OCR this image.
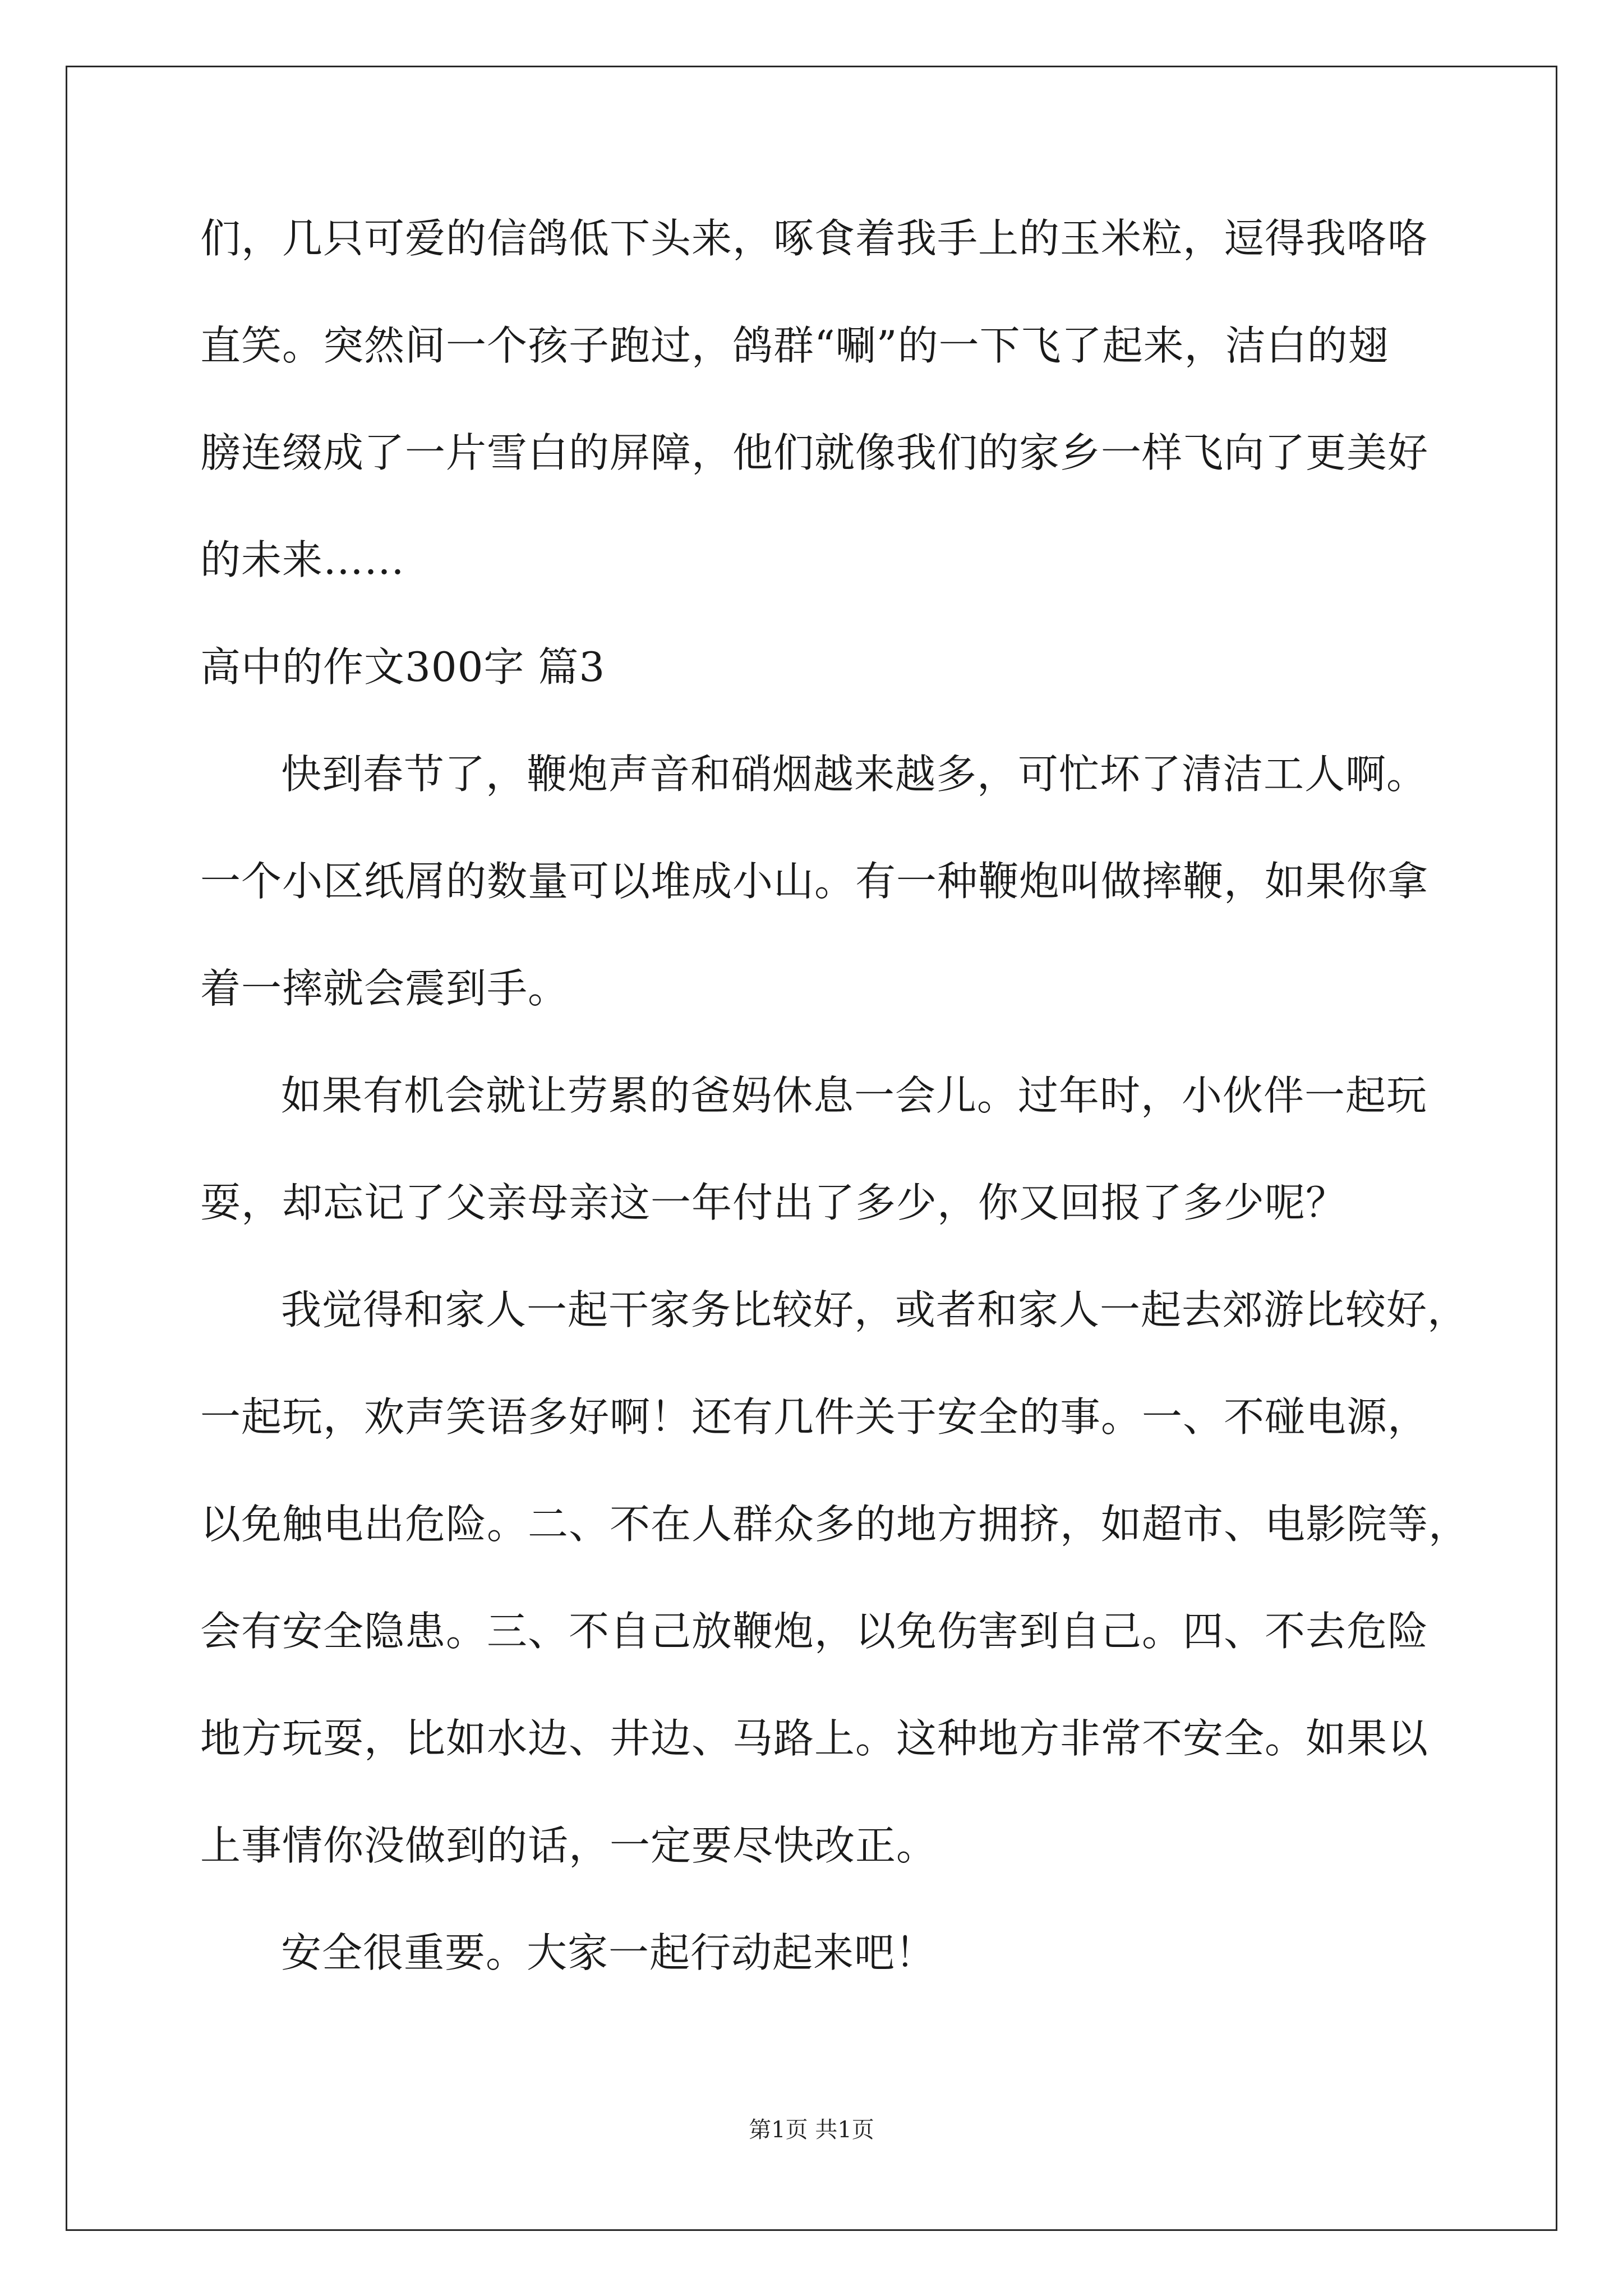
们，几只可爱的信鸽低下头来，啄食着我手上的玉米粒，逗得我咯咯
直笑。突然间一个孩子跑过，鸽群“唰”的一下飞了起来，洁白的翅
膀连缀成了一片雪白的屏障，他们就像我们的家乡一样飞向了更美好
的未来……
高中的作文300字 篇3
快到春节了，鞭炮声音和硝烟越来越多，可忙坏了清洁工人啊。
一个小区纸屑的数量可以堆成小山。有一种鞭炮叫做摔鞭，如果你拿
着一摔就会震到手。
如果有机会就让劳累的爸妈休息一会儿。过年时，小伙伴一起玩
耍，却忘记了父亲母亲这一年付出了多少，你又回报了多少呢？
我觉得和家人一起干家务比较好，或者和家人一起去郊游比较好，
一起玩，欢声笑语多好啊！还有几件关于安全的事。一、不碰电源，
以免触电出危险。二、不在人群众多的地方拥挤，如超市、电影院等，
会有安全隐患。三、不自己放鞭炮，以免伤害到自己。四、不去危险
地方玩耍，比如水边、井边、马路上。这种地方非常不安全。如果以
上事情你没做到的话，一定要尽快改正。
安全很重要。大家一起行动起来吧！
第1页 共1页
